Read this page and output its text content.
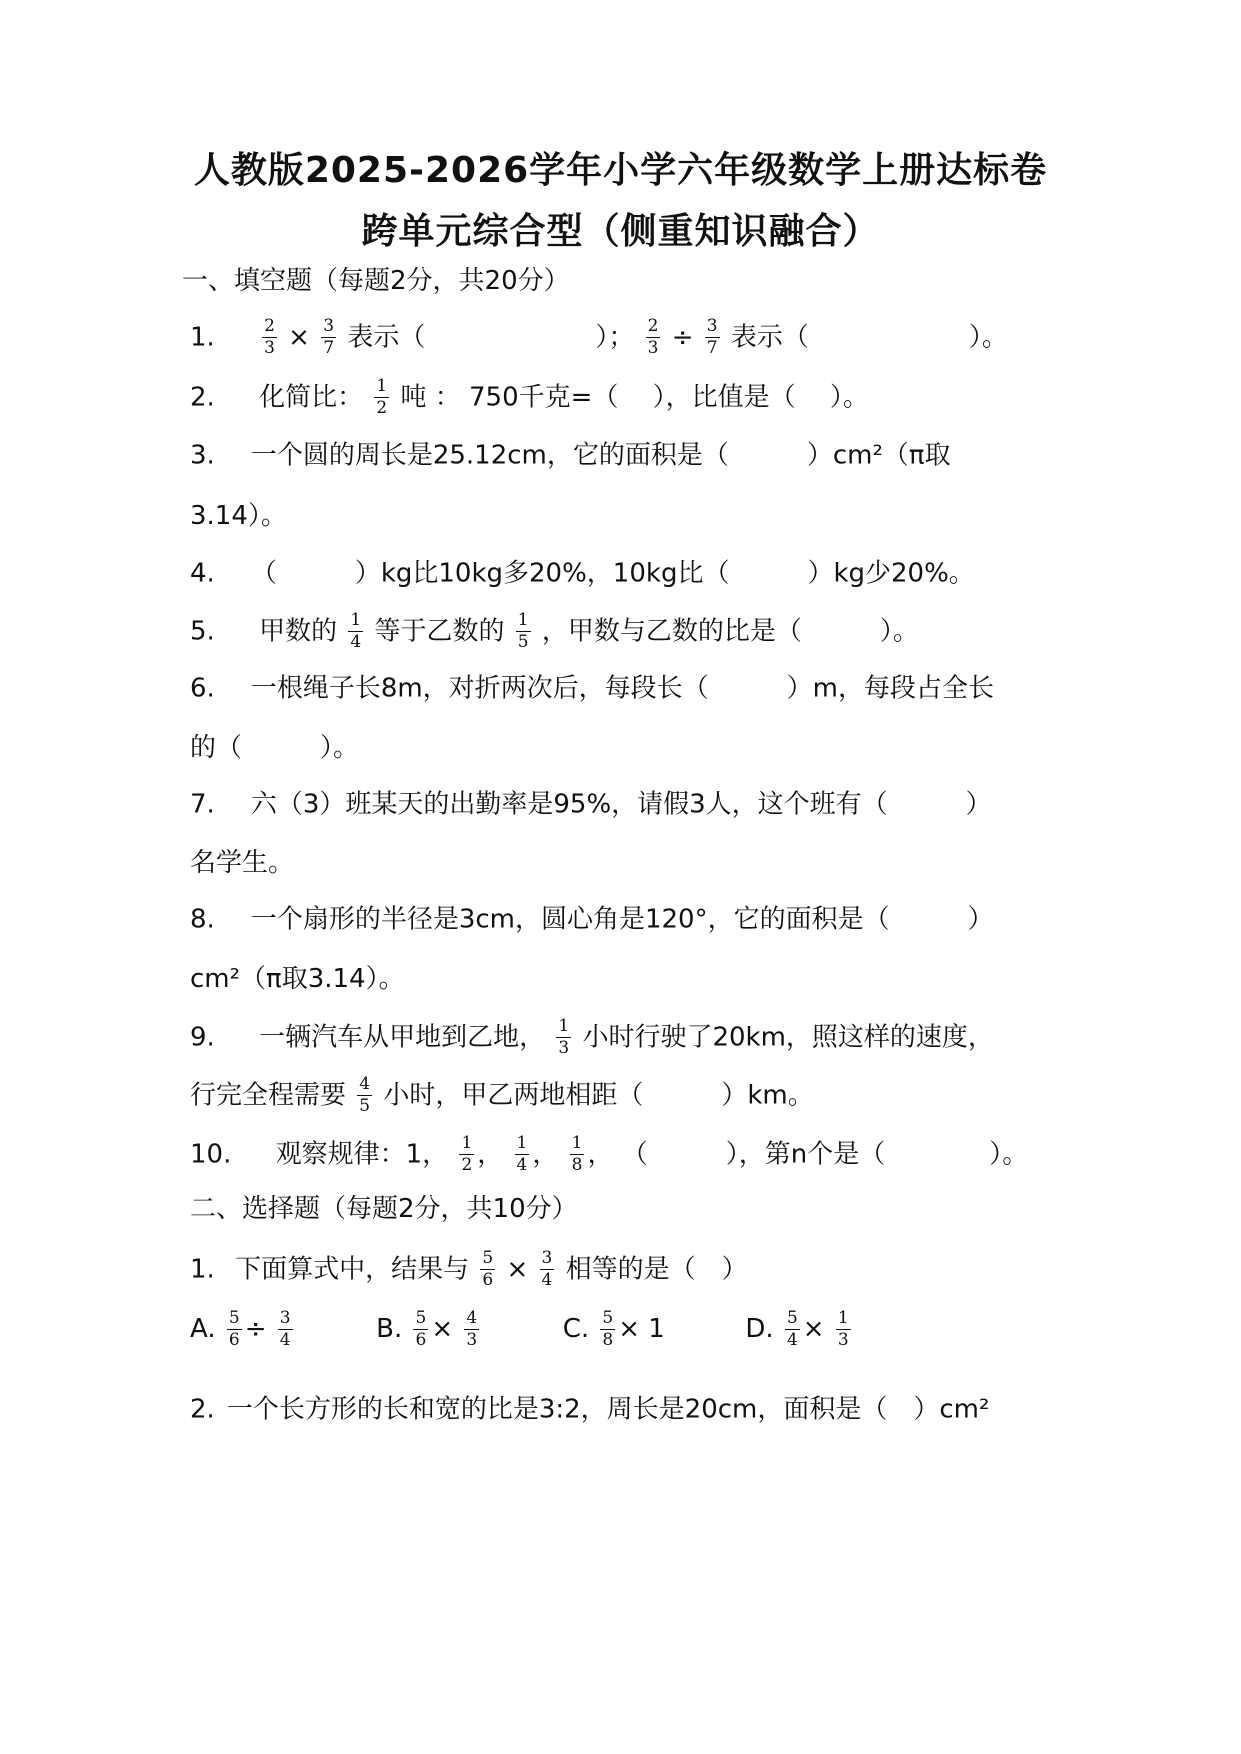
人教版2025-2026学年小学六年级数学上册达标卷
跨单元综合型（侧重知识融合）
一、填空题（每题2分，共20分）
1.	$\frac{2}{3} \times \frac{3}{7}$ 表示（	）； $\frac{2}{3} \div \frac{3}{7}$ 表示（	）。
2. 化简比： $\frac{1}{2}$ 吨 ： 750千克=（　 ），比值是（　 ）。
3. 一个圆的周长是25.12cm，它的面积是（　　　）cm²（π取
3.14）。
4. （　　　）kg比10kg多20%，10kg比（　　　）kg少20%。
5. 甲数的 $\frac{1}{4}$ 等于乙数的 $\frac{1}{5}$ ，甲数与乙数的比是（　　　）。
6. 一根绳子长8m，对折两次后，每段长（　　　）m，每段占全长
的（　　　）。
7. 六（3）班某天的出勤率是95%，请假3人，这个班有（　　　）
名学生。
8. 一个扇形的半径是3cm，圆心角是120°，它的面积是（　　　）
cm²（π取3.14）。
9. 一辆汽车从甲地到乙地， $\frac{1}{3}$ 小时行驶了20km，照这样的速度，
行完全程需要 $\frac{4}{5}$ 小时，甲乙两地相距（　　　）km。
10. 观察规律：1， $\frac{1}{2}$ ， $\frac{1}{4}$ ， $\frac{1}{8}$ ， （　　　），第n个是（　　　　）。
二、选择题（每题2分，共10分）
1. 下面算式中，结果与 $\frac{5}{6} \times \frac{3}{4}$ 相等的是（　）
A. $\frac{5}{6} \div \frac{3}{4}$	B. $\frac{5}{6} \times \frac{4}{3}$	C. $\frac{5}{8} \times 1$	D. $\frac{5}{4} \times \frac{1}{3}$
2. 一个长方形的长和宽的比是3:2，周长是20cm，面积是（　）cm²
